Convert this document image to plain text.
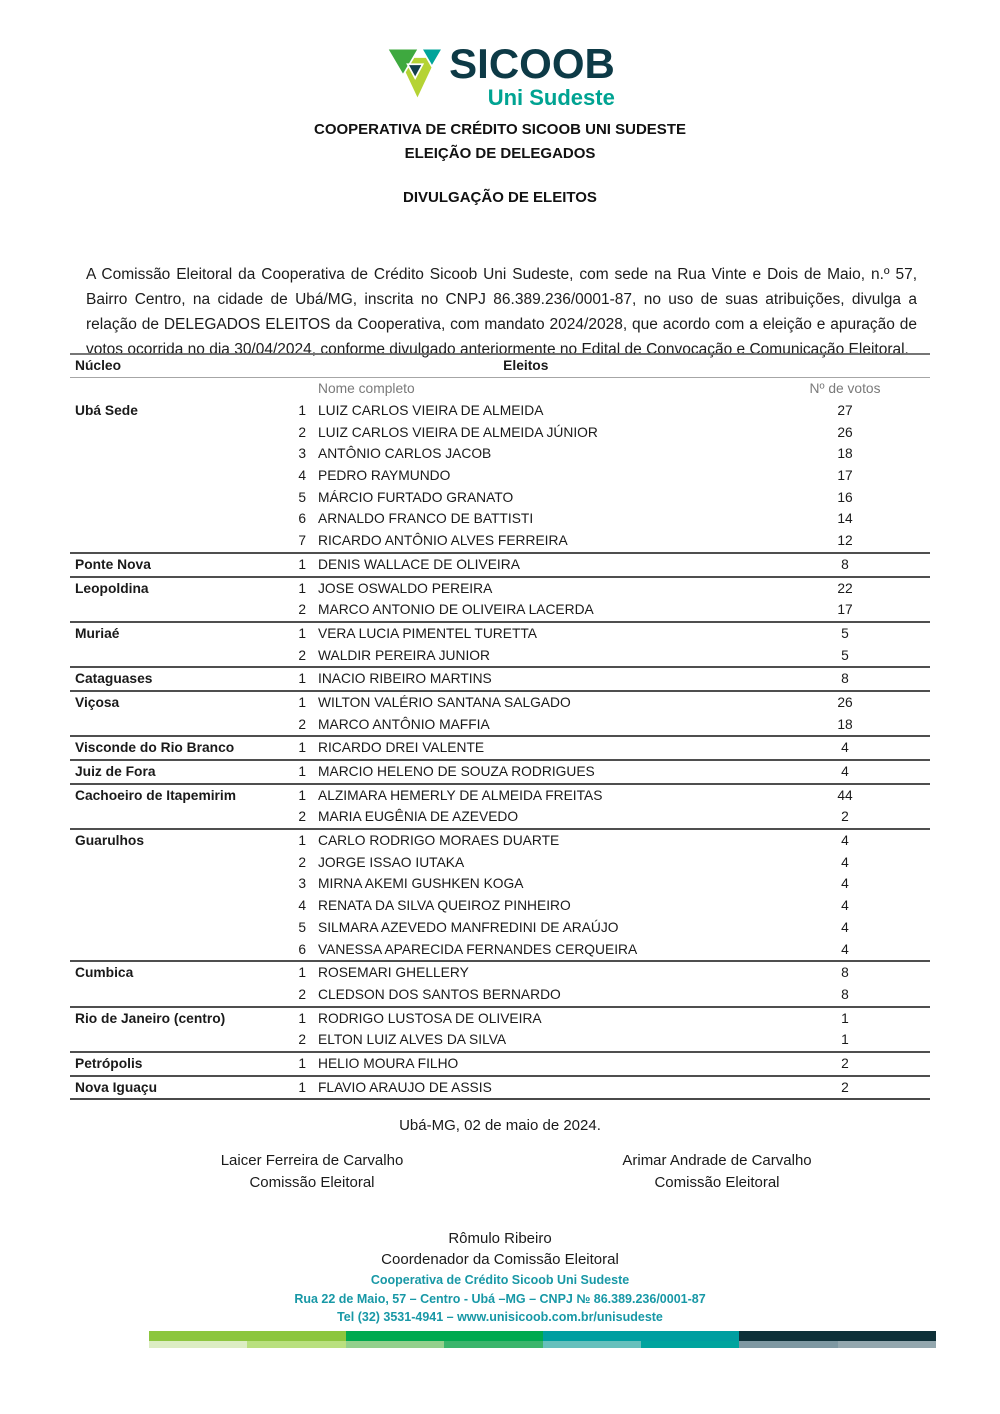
SICOOB
Uni Sudeste
COOPERATIVA DE CRÉDITO SICOOB UNI SUDESTE
ELEIÇÃO DE DELEGADOS
DIVULGAÇÃO DE ELEITOS

A Comissão Eleitoral da Cooperativa de Crédito Sicoob Uni Sudeste, com sede na Rua Vinte e Dois de Maio, n.º 57, Bairro Centro, na cidade de Ubá/MG, inscrita no CNPJ 86.389.236/0001-87, no uso de suas atribuições, divulga a relação de DELEGADOS ELEITOS da Cooperativa, com mandato 2024/2028, que acordo com a eleição e apuração de votos ocorrida no dia 30/04/2024, conforme divulgado anteriormente no Edital de Convocação e Comunicação Eleitoral.

Núcleo	Eleitos
Nome completo	Nº de votos
Ubá Sede	1 LUIZ CARLOS VIEIRA DE ALMEIDA	27
2 LUIZ CARLOS VIEIRA DE ALMEIDA JÚNIOR	26
3 ANTÔNIO CARLOS JACOB	18
4 PEDRO RAYMUNDO	17
5 MÁRCIO FURTADO GRANATO	16
6 ARNALDO FRANCO DE BATTISTI	14
7 RICARDO ANTÔNIO ALVES FERREIRA	12
Ponte Nova	1 DENIS WALLACE DE OLIVEIRA	8
Leopoldina	1 JOSE OSWALDO PEREIRA	22
2 MARCO ANTONIO DE OLIVEIRA LACERDA	17
Muriaé	1 VERA LUCIA PIMENTEL TURETTA	5
2 WALDIR PEREIRA JUNIOR	5
Cataguases	1 INACIO RIBEIRO MARTINS	8
Viçosa	1 WILTON VALÉRIO SANTANA SALGADO	26
2 MARCO ANTÔNIO MAFFIA	18
Visconde do Rio Branco	1 RICARDO DREI VALENTE	4
Juiz de Fora	1 MARCIO HELENO DE SOUZA RODRIGUES	4
Cachoeiro de Itapemirim	1 ALZIMARA HEMERLY DE ALMEIDA FREITAS	44
2 MARIA EUGÊNIA DE AZEVEDO	2
Guarulhos	1 CARLO RODRIGO MORAES DUARTE	4
2 JORGE ISSAO IUTAKA	4
3 MIRNA AKEMI GUSHKEN KOGA	4
4 RENATA DA SILVA QUEIROZ PINHEIRO	4
5 SILMARA AZEVEDO MANFREDINI DE ARAÚJO	4
6 VANESSA APARECIDA FERNANDES CERQUEIRA	4
Cumbica	1 ROSEMARI GHELLERY	8
2 CLEDSON DOS SANTOS BERNARDO	8
Rio de Janeiro (centro)	1 RODRIGO LUSTOSA DE OLIVEIRA	1
2 ELTON LUIZ ALVES DA SILVA	1
Petrópolis	1 HELIO MOURA FILHO	2
Nova Iguaçu	1 FLAVIO ARAUJO DE ASSIS	2
Ubá-MG, 02 de maio de 2024.
Laicer Ferreira de Carvalho
Comissão Eleitoral
Arimar Andrade de Carvalho
Comissão Eleitoral
Rômulo Ribeiro
Coordenador da Comissão Eleitoral
Cooperativa de Crédito Sicoob Uni Sudeste
Rua 22 de Maio, 57 – Centro - Ubá –MG – CNPJ № 86.389.236/0001-87
Tel (32) 3531-4941 – www.unisicoob.com.br/unisudeste
